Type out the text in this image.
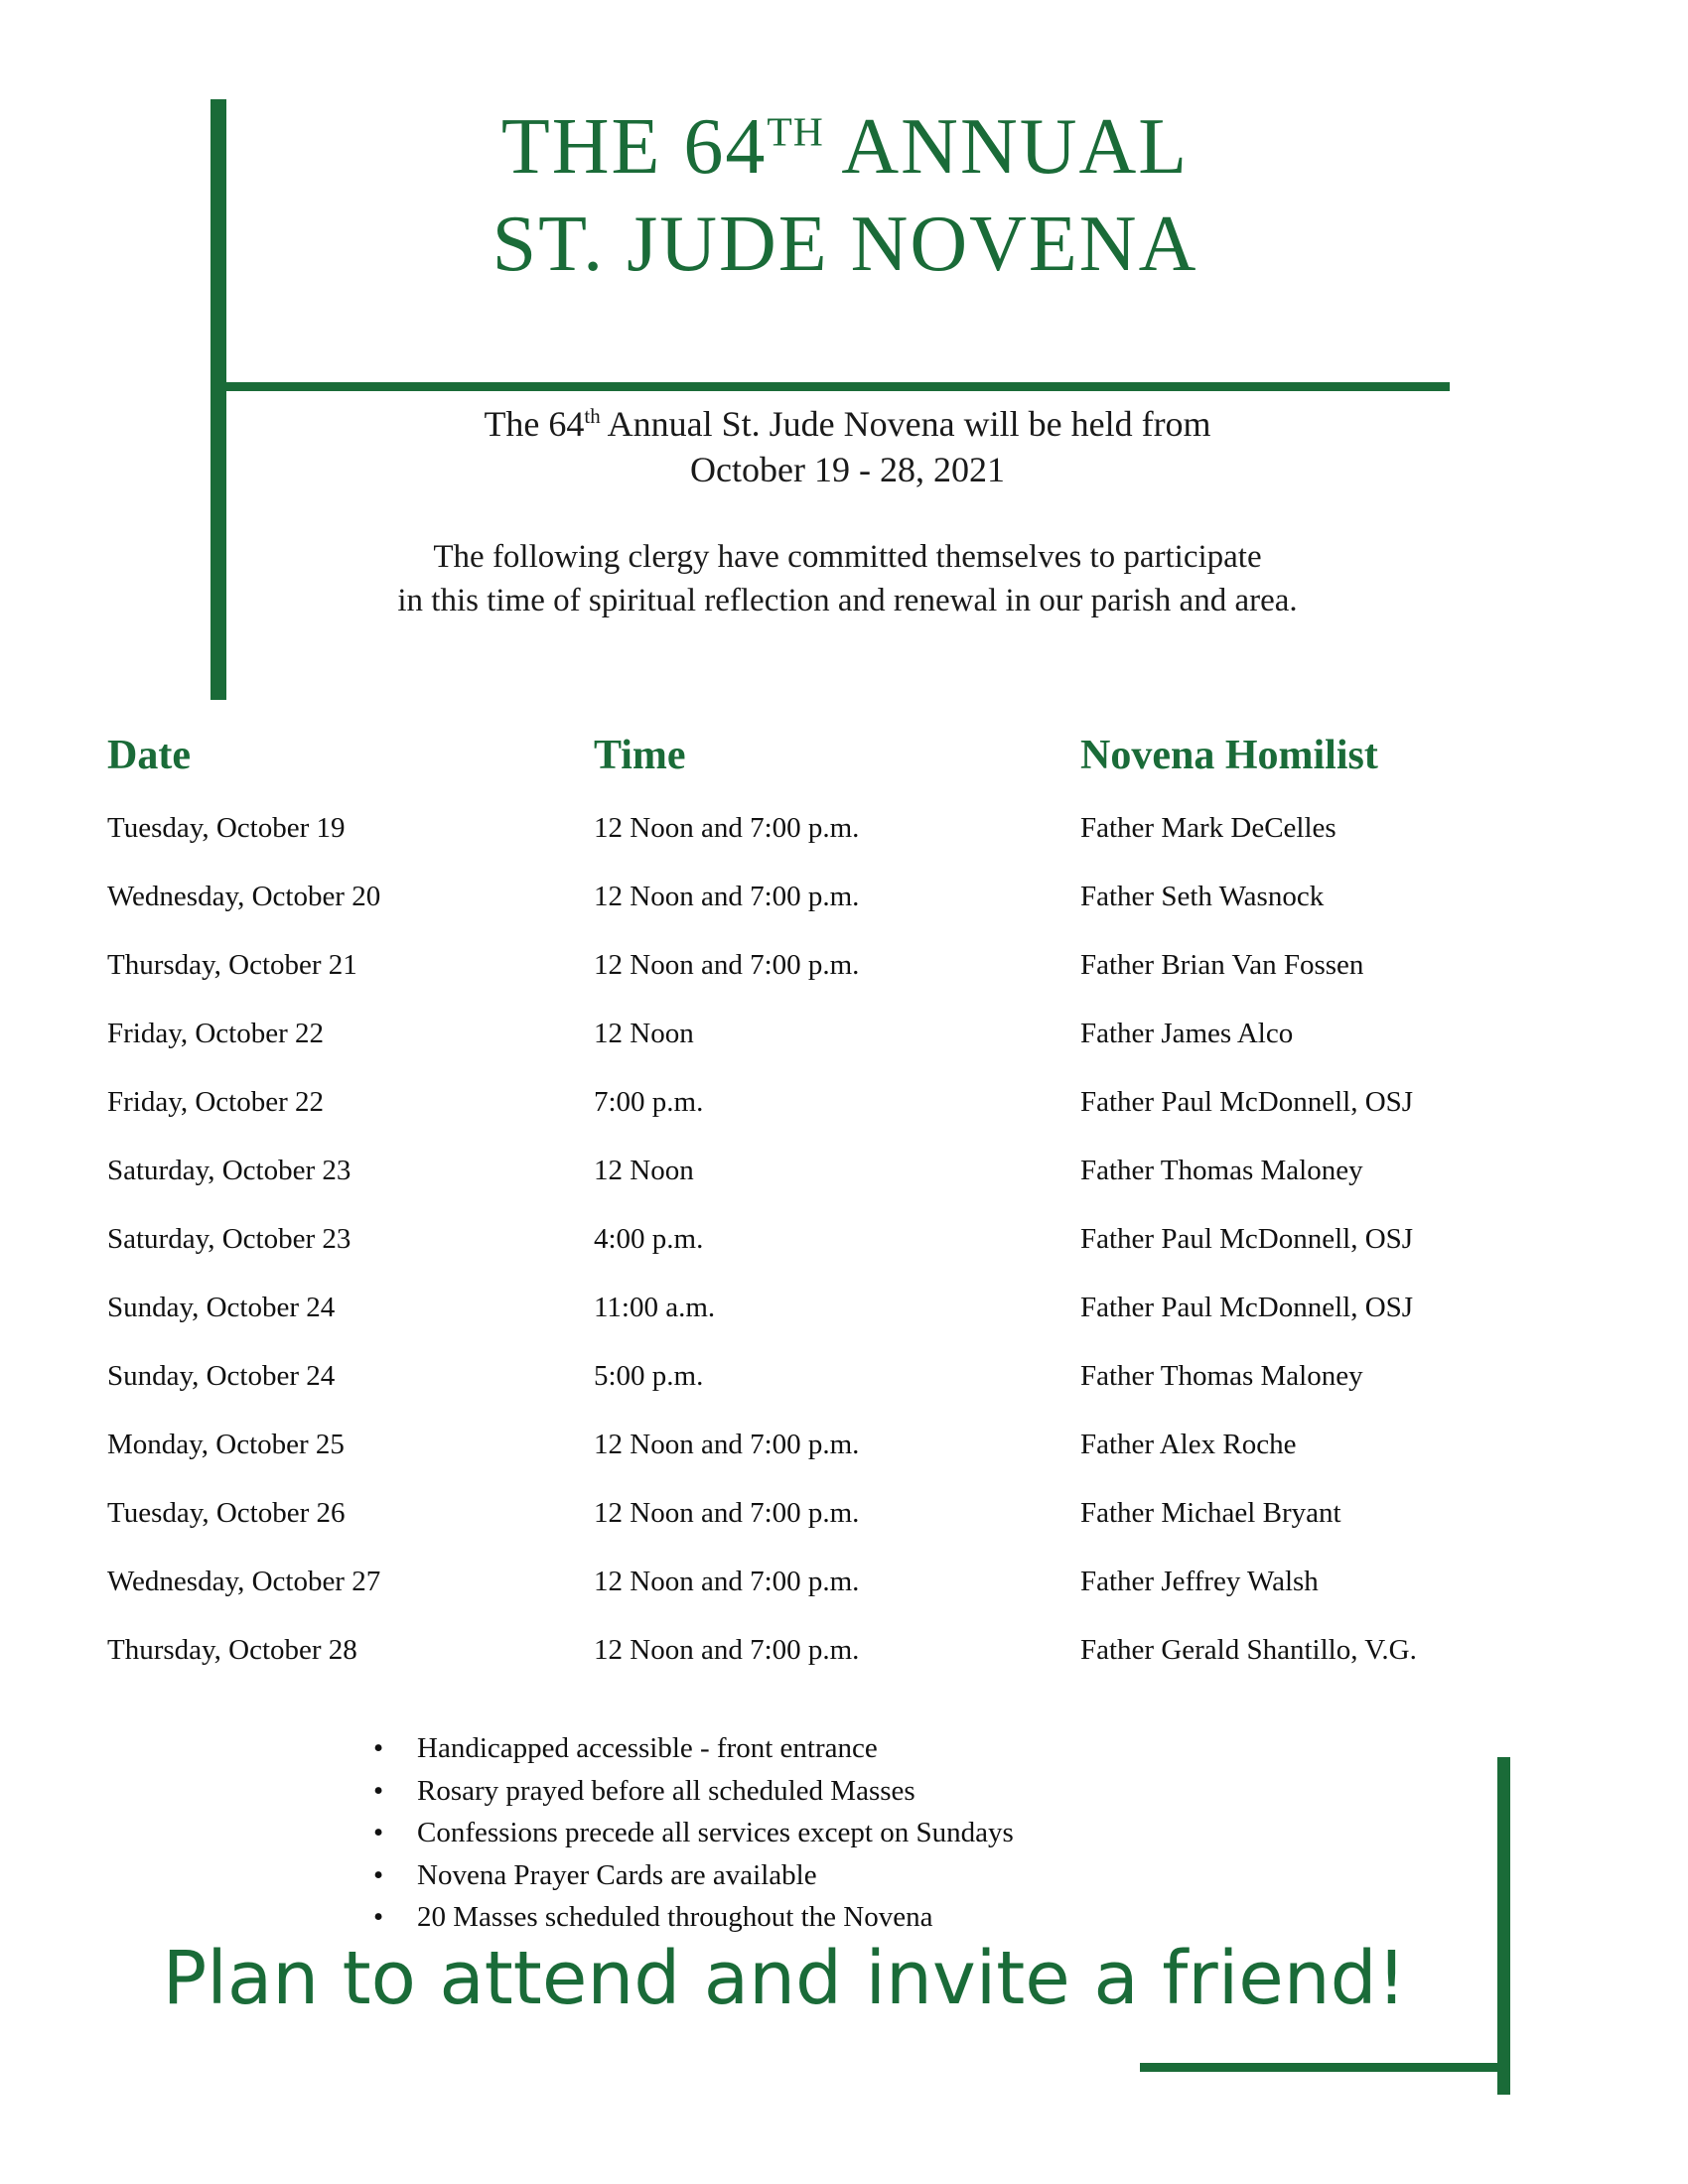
THE 64TH ANNUAL
ST. JUDE NOVENA
The 64th Annual St. Jude Novena will be held from
October 19 - 28, 2021
The following clergy have committed themselves to participate
in this time of spiritual reflection and renewal in our parish and area.
Date	Time	Novena Homilist
Tuesday, October 19	12 Noon and 7:00 p.m.	Father Mark DeCelles
Wednesday, October 20	12 Noon and 7:00 p.m.	Father Seth Wasnock
Thursday, October 21	12 Noon and 7:00 p.m.	Father Brian Van Fossen
Friday, October 22	12 Noon	Father James Alco
Friday, October 22	7:00 p.m.	Father Paul McDonnell, OSJ
Saturday, October 23	12 Noon	Father Thomas Maloney
Saturday, October 23	4:00 p.m.	Father Paul McDonnell, OSJ
Sunday, October 24	11:00 a.m.	Father Paul McDonnell, OSJ
Sunday, October 24	5:00 p.m.	Father Thomas Maloney
Monday, October 25	12 Noon and 7:00 p.m.	Father Alex Roche
Tuesday, October 26	12 Noon and 7:00 p.m.	Father Michael Bryant
Wednesday, October 27	12 Noon and 7:00 p.m.	Father Jeffrey Walsh
Thursday, October 28	12 Noon and 7:00 p.m.	Father Gerald Shantillo, V.G.
• Handicapped accessible - front entrance
• Rosary prayed before all scheduled Masses
• Confessions precede all services except on Sundays
• Novena Prayer Cards are available
• 20 Masses scheduled throughout the Novena
Plan to attend and invite a friend!
